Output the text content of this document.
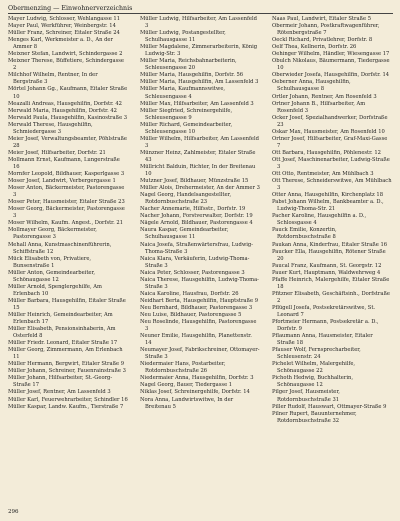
Obermenzing — Einwohnerverzeichnis

Mayer Ludwig, Schlosser, Wehlangasse 11

Mayer Paul, Werkführer, Weinbergstr. 14

Müller Franz, Schreiner, Eitaler Straße 24

Menges Karl, Werkmeister a. D., An der Ammer 8

Meixner Stefan, Landwirt, Schindergasse 2

Meixner Therese, Büffetiere, Schindergasse 2

Milchhof Wilhelm, Rentner, In der Bergstraße 3

Mörtel Johann Gg., Kaufmann, Eitaler Straße 10

Meazalli Andreas, Hausgehilfin, Dorfstr. 42

Merwald Maria, Hausgehilfin, Dorfstr. 42

Merwald Paula, Hausgehilfin, Kasinostraße 3

Merwald Therese, Hausgehilfin, Schmiedergasse 3

Meier Josef, Verwaltungsbeamter, Pöhlstraße 28

Meier Josef, Hilfsarbeiter, Dorfstr. 21

Mollmann Ernst, Kaufmann, Lungerstraße 16

Mornfer Leopold, Bildhauer, Kasperlgasse 3

Moser Josef, Landwirt, Verbergergasse 1

Moser Anton, Bäckermeister, Pastorengasse 3

Moser Peter, Hausmeister, Eitaler Straße 23

Moser Georg, Bäckermeister, Pastorengasse 3

Moser Wilhelm, Kaufm. Angest., Dorfstr. 21

Mollmayer Georg, Bäckermeister, Pastorengasse 3

Mehall Anna, Kunstmaschinenführerin, Schiffstraße 12

Mück Elisabeth von, Privatiere, Bunsenstraße 1

Müller Anton, Gemeindearbeiter, Schönaugasse 12

Müller Arnold, Spenglergehilfe, Am Erlenbach 10

Müller Barbara, Hausgehilfin, Eitaler Straße 15

Müller Heinrich, Gemeindearbeiter, Am Erlenbach 17

Müller Elisabeth, Pensionsinhaberin, Am Osterfeld 8

Müller Friedr. Leonard, Eitaler Straße 17

Müller Georg, Zimmermann, Am Erlenbach 11

Müller Hermann, Bergwirt, Eitaler Straße 9

Müller Johann, Schreiner, Fauenrainstraße 3

Müller Johann, Hilfsarbeiter, St.-Georg-Straße 17

Müller Josef, Rentner, Am Lassenfeld 3

Müller Karl, Feuerwehrarbeiter, Schindler 16

Müller Kaspar, Landw. Kaufm., Tierstraße 7

Müller Ludwig, Hilfsarbeiter, Am Lassenfeld 3

Müller Ludwig, Postangestellter, Schulhausgasse 11

Müller Magdalene, Zimmerarbeiterin, König Ludwig-Str. 3

Müller Maria, Reichsbahnarbeiterin, Schleusengasse 20

Müller Maria, Hausgehilfin, Dorfstr. 56

Müller Maria, Hausgehilfin, Am Lassenfeld 3

Müller Maria, Kaufmannswitwe, Schleusengasse 4

Müller Max, Hilfsarbeiter, Am Lassenfeld 3

Müller Siegfried, Schreinergehilfe, Schleusengasse 9

Müller Richard, Gemeindearbeiter, Schleusengasse 10

Müller Wilhelm, Hilfsarbeiter, Am Lassenfeld 3

Münzner Heinz, Zahlmeister, Eitaler Straße 43

Müllricht Balduin, Richter, In der Breitenau 10

Mutzner Josef, Bildhauer, Münzstraße 15

Müller Alois, Drehermeister, An der Ammer 3

Nagel Georg, Handelsangestellter, Rotdornbuschstraße 23

Nacher Annemarie, Hilfsstr., Dorfstr. 19

Nacher Johann, Forstverwalter, Dorfstr. 19

Nägele Arnold, Bildhauer, Pastorengasse 4

Naura Kaspar, Gemeindearbeiter, Schulhausgasse 11

Naica Josefa, Straßenwärtersfrau, Ludwig-Thoma-Straße 3

Naica Klara, Verkäuferin, Ludwig-Thoma-Straße 3

Naica Peter, Schlosser, Pastorengasse 3

Naica Therese, Hausgehilfin, Ludwig-Thoma-Straße 3

Naica Karoline, Hausfrau, Dorfstr. 26

Neidhart Berta, Hausgehilfin, Hauptstraße 9

Neu Bernhard, Bildhauer, Pastorengasse 3

Neu Luise, Bildhauer, Pastorengasse 5

Neu Roselinde, Hausgehilfin, Pastorengasse 3

Neuner Emilie, Hausgehilfin, Planettenstr. 14

Neumayer Josef, Fabrikschreiner, Ottomayer-Straße 3

Niedermaier Hans, Postarbeiter, Rotdornbuschstraße 26

Niedermaier Anna, Hausgehilfin, Dorfstr. 3

Nagel Georg, Bauer, Tiedergasse 1

Niklas Josef, Schreinergehilfe, Dorfstr. 14

Nora Anna, Landwirtswitwe, In der Breitenau 5

Naas Paul, Landwirt, Eitaler Straße 5

Obermeir Johann, Postkraftwagenführer, Rötenbergstraße 7

Oeckl Richard, Privatlehrer, Dorfstr. 8

Oelf Thea, Kellnerin, Dorfstr. 26

Oehinger Wilhelm, Händler, Wiesengasse 17

Obulch Nikolaus, Bäumermann, Tiedergasse 10

Oberwieder Josefa, Hausgehilfin, Dorfstr. 14

Oeberner Anna, Hausgehilfin, Schulhausgasse 8

Ortler Johann, Rentner, Am Rosenfeld 3

Ortner Johann B., Hilfsarbeiter, Am Rosenfeld 3

Ocker Josef, Spezialhandwerker, Dorfstraße 23

Oskar Max, Hausmeister, Am Rosenfeld 10

Ortner Josef, Hilfsarbeiter, Graf-Maxi-Gasse 7

Ott Barbara, Hausgehilfin, Pöhlenestr. 12

Ott Josef, Maschinenarbeiter, Ludwig-Straße 3

Ott Otto, Rentmeister, Am Mühlbach 3

Ott Therese, Schneiderswitwe, Am Mühlbach 3

Otter Anna, Hausgehilfin, Kirchenplatz 18

Pabst Johann Wilhelm, Bankbeamter a. D., Ludwig-Thoma-Str. 21

Pacher Karoline, Hausgehilfin a. D., Schlossgasse 4

Pauck Emilie, Konzertin, Rotdornbuschstraße 8

Paukan Anna, Kinderfrau, Eitaler Straße 16

Paucker Ella, Hausgehilfin, Rötener Straße 20

Paucal Franz, Kaufmann, St. Georgstr. 12

Pauer Kurt, Hauptmann, Waldwehrweg 4

Pfaffe Heinrich, Malergehilfe, Eitaler Straße 18

Pfitzner Elisabeth, Geschäftsinh., Dorfstraße 2

Pflügell Josefa, Postsekretärswitwe, St. Leonard 7

Pfortmeier Hermann, Postsekretär a. D., Dorfstr. 9

Pflaumann Anna, Hausmeister, Eitaler Straße 18

Pfauser Wolf, Fernsprecharbeiter, Schleusenstr. 24

Pichelet Wilhelm, Malergehilfe, Schönaugasse 22

Pichoth Hedwig, Buchhalterin, Schönaugasse 12

Pilger Josef, Hausmeister, Rotdornbuschstraße 31

Piller Rudolf, Hauswart, Ottmayer-Straße 9

Pilner Rupert, Bauunternehmer, Rotdornbuschstraße 32

296
